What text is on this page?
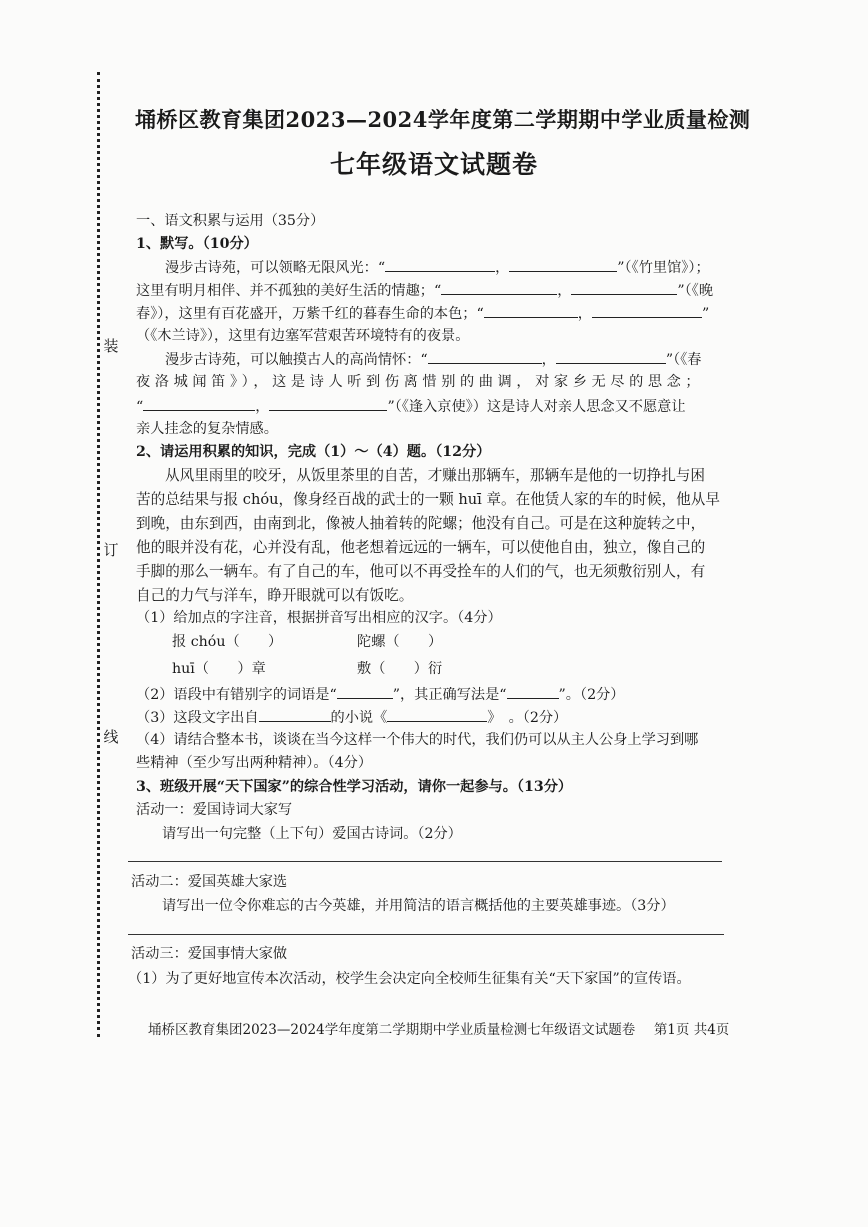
装
订
线
埇桥区教育集团2023—2024学年度第二学期期中学业质量检测
七年级语文试题卷
一、语文积累与运用（35分）
1、默写。（10分）
漫步古诗苑，可以领略无限风光：“	，	”（《竹里馆》）；
这里有明月相伴、并不孤独的美好生活的情趣；“	，	”（《晚
春》），这里有百花盛开，万紫千红的暮春生命的本色；“	，	”
（《木兰诗》），这里有边塞军营艰苦环境特有的夜景。
漫步古诗苑，可以触摸古人的高尚情怀：“	，	”（《春
夜洛城闻笛》），这是诗人听到伤离惜别的曲调，对家乡无尽的思念；
“	，	”（《逢入京使》）这是诗人对亲人思念又不愿意让
亲人挂念的复杂情感。
2、请运用积累的知识，完成（1）～（4）题。（12分）
从风里雨里的咬牙，从饭里茶里的自苦，才赚出那辆车，那辆车是他的一切挣扎与困
苦的总结果与报 chóu，像身经百战的武士的一颗 huī 章。在他赁人家的车的时候，他从早
到晚，由东到西，由南到北，像被人抽着转的陀螺；他没有自己。可是在这种旋转之中，
他的眼并没有花，心并没有乱，他老想着远远的一辆车，可以使他自由，独立，像自己的
手脚的那么一辆车。有了自己的车，他可以不再受拴车的人们的气，也无须敷衍别人，有
自己的力气与洋车，睁开眼就可以有饭吃。
（1）给加点的字注音，根据拼音写出相应的汉字。（4分）
报 chóu（　　）	陀螺（　　）
huī（　　）章	敷（　　）衍
（2）语段中有错别字的词语是“	”，其正确写法是“	”。（2分）
（3）这段文字出自	的小说《	》　。（2分）
（4）请结合整本书，谈谈在当今这样一个伟大的时代，我们仍可以从主人公身上学习到哪
些精神（至少写出两种精神）。（4分）
3、班级开展“天下国家”的综合性学习活动，请你一起参与。（13分）
活动一：爱国诗词大家写
请写出一句完整（上下句）爱国古诗词。（2分）
活动二：爱国英雄大家选
请写出一位令你难忘的古今英雄，并用简洁的语言概括他的主要英雄事迹。（3分）
活动三：爱国事情大家做
（1）为了更好地宣传本次活动，校学生会决定向全校师生征集有关“天下家国”的宣传语。
埇桥区教育集团2023—2024学年度第二学期期中学业质量检测七年级语文试题卷 第1页 共4页
